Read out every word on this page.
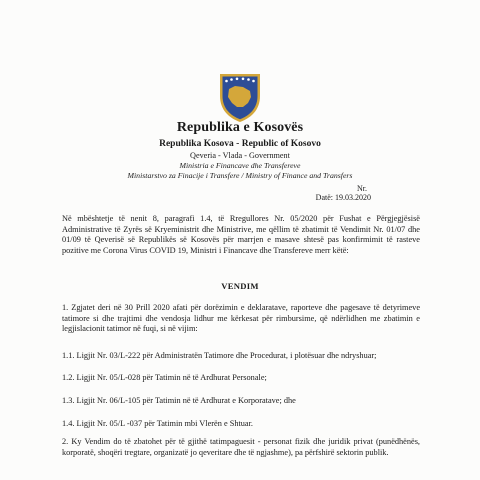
Republika e Kosovës
Republika Kosova - Republic of Kosovo
Qeveria - Vlada - Government
Ministria e Financave dhe Transfereve
Ministarstvo za Finacije i Transfere / Ministry of Finance and Transfers
Nr.
Datë: 19.03.2020
Në mbështetje të nenit 8, paragrafi 1.4, të Rregullores Nr. 05/2020 për Fushat e Përgjegjësisë Administrative të Zyrës së Kryeministrit dhe Ministrive, me qëllim të zbatimit të Vendimit Nr. 01/07 dhe 01/09 të Qeverisë së Republikës së Kosovës për marrjen e masave shtesë pas konfirmimit të rasteve pozitive me Corona Virus COVID 19, Ministri i Financave dhe Transfereve merr këtë:
VENDIM
1. Zgjatet deri në 30 Prill 2020 afati për dorëzimin e deklaratave, raporteve dhe pagesave të detyrimeve tatimore si dhe trajtimi dhe vendosja lidhur me kërkesat për rimbursime, që ndërlidhen me zbatimin e legjislacionit tatimor në fuqi, si në vijim:
1.1. Ligjit Nr. 03/L-222 për Administratën Tatimore dhe Procedurat, i plotësuar dhe ndryshuar;
1.2. Ligjit Nr. 05/L-028 për Tatimin në të Ardhurat Personale;
1.3. Ligjit Nr. 06/L-105 për Tatimin në të Ardhurat e Korporatave; dhe
1.4. Ligjit Nr. 05/L -037 për Tatimin mbi Vlerën e Shtuar.
2. Ky Vendim do të zbatohet për të gjithë tatimpaguesit - personat fizik dhe juridik privat (punëdhënës, korporatë, shoqëri tregtare, organizatë jo qeveritare dhe të ngjashme), pa përfshirë sektorin publik.
